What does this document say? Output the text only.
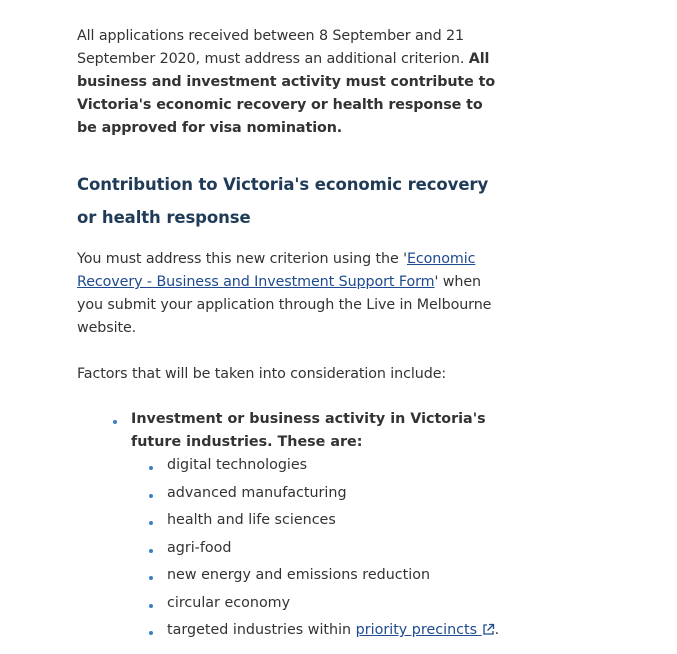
All applications received between 8 September and 21 September 2020, must address an additional criterion. All business and investment activity must contribute to Victoria's economic recovery or health response to be approved for visa nomination.

Contribution to Victoria's economic recovery or health response

You must address this new criterion using the 'Economic Recovery - Business and Investment Support Form' when you submit your application through the Live in Melbourne website.

Factors that will be taken into consideration include:

Investment or business activity in Victoria's future industries. These are:
digital technologies
advanced manufacturing
health and life sciences
agri-food
new energy and emissions reduction
circular economy
targeted industries within priority precincts .
